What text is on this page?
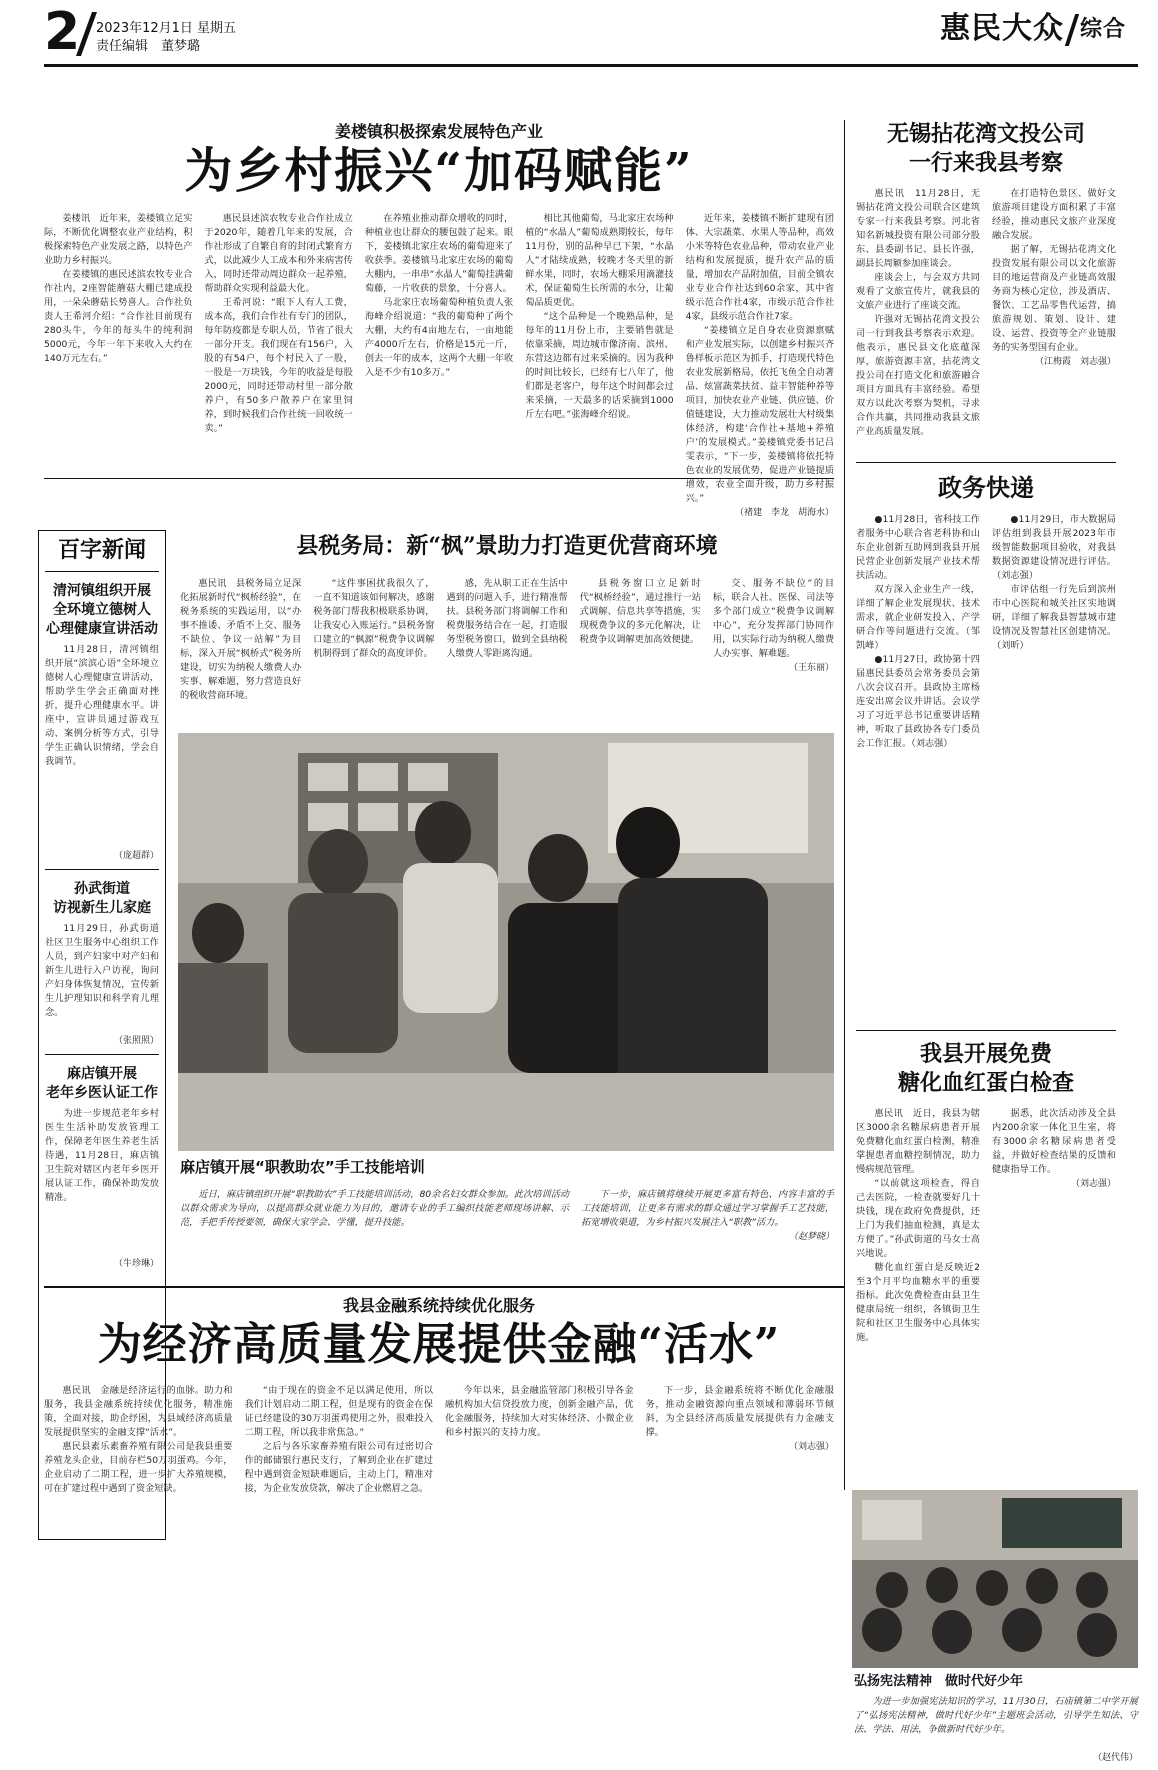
2 2023年12月1日 星期五
责任编辑　董梦璐
惠民大众 综合
姜楼镇积极探索发展特色产业
为乡村振兴“加码赋能”

姜楼讯　近年来，姜楼镇立足实际，不断优化调整农业产业结构，积极探索特色产业发展之路，以特色产业助力乡村振兴。

在姜楼镇的惠民述滨农牧专业合作社内，2座智能蘑菇大棚已建成投用，一朵朵蘑菇长势喜人。合作社负责人王希河介绍：“合作社目前现有280头牛，今年的每头牛的纯利润5000元，今年一年下来收入大约在140万元左右。”

惠民县述滨农牧专业合作社成立于2020年，随着几年来的发展，合作社形成了自繁自育的封闭式繁育方式，以此减少人工成本和外来病害传入，同时还带动周边群众一起养殖，帮助群众实现利益最大化。

王希河说：“眼下人有人工费，成本高，我们合作社有专门的团队，每年防疫都是专职人员，节省了很大一部分开支。我们现在有156户，入股的有54户，每个村民入了一股，一股是一万块钱，今年的收益是每股2000元，同时还带动村里一部分散养户，有50多户散养户在家里饲养，到时候我们合作社统一回收统一卖。”

在养殖业推动群众增收的同时，种植业也让群众的腰包鼓了起来。眼下，姜楼镇北家庄农场的葡萄迎来了收获季。姜楼镇马北家庄农场的葡萄大棚内，一串串“水晶人”葡萄挂满葡萄藤，一片收获的景象，十分喜人。

马北家庄农场葡萄种植负责人张海峰介绍说道：“我的葡萄种了两个大棚，大约有4亩地左右，一亩地能产4000斤左右，价格是15元一斤，创去一年的成本，这两个大棚一年收入是不少有10多万。”

相比其他葡萄，马北家庄农场种植的“水晶人”葡萄成熟期较长，每年11月份，别的品种早已下架，“水晶人”才陆续成熟，较晚才冬天里的新鲜水果，同时，农场大棚采用滴灌技术，保证葡萄生长所需的水分，让葡萄品质更优。

“这个品种是一个晚熟品种，是每年的11月份上市，主要销售就是依靠采摘，周边城市像济南、滨州、东营这边都有过来采摘的。因为我种的时间比较长，已经有七八年了，他们都是老客户，每年这个时间都会过来采摘，一天最多的话采摘到1000斤左右吧。”张海峰介绍说。

近年来，姜楼镇不断扩建现有团体、大宗蔬菜、水果人等品种，高效小米等特色农业品种，带动农业产业结构和发展提质，提升农产品的质量，增加农产品附加值，目前全镇农业专业合作社达到60余家，其中省级示范合作社4家，市级示范合作社4家，县级示范合作社7家。

“姜楼镇立足自身农业资源禀赋和产业发展实际，以创建乡村振兴齐鲁样板示范区为抓手，打造现代特色农业发展新格局，依托飞鱼全自动著品、炫富蔬菜扶贫、益丰智能种养等项目，加快农业产业链、供应链、价值链建设，大力推动发展壮大村级集体经济，构建‘合作社+基地+养殖户’的发展模式。”姜楼镇党委书记吕雯表示，“下一步，姜楼镇将依托特色农业的发展优势，促进产业链提质增效，农业全面升级，助力乡村振兴。”

（褚建　李龙　胡海水）

无锡拈花湾文投公司
一行来我县考察

惠民讯　11月28日，无锡拈花湾文投公司联合区建筑专家一行来我县考察。河北省知名新城投资有限公司部分股东、县委副书记、县长许强，副县长周颖参加座谈会。

座谈会上，与会双方共同观看了文旅宣传片，就我县的文旅产业进行了座谈交流。

许强对无锡拈花湾文投公司一行到我县考察表示欢迎。他表示，惠民县文化底蕴深厚，旅游资源丰富，拈花湾文投公司在打造文化和旅游融合项目方面具有丰富经验。希望双方以此次考察为契机，寻求合作共赢，共同推动我县文旅产业高质量发展。

在打造特色景区、做好文旅游项目建设方面积累了丰富经验，推动惠民文旅产业深度融合发展。

据了解，无锡拈花湾文化投资发展有限公司以文化旅游目的地运营商及产业链高效服务商为核心定位，涉及酒店、餐饮、工艺品零售代运营，搞旅游规划、策划、设计、建设、运营、投资等全产业链服务的实务型国有企业。

（江梅霞　刘志强）

政务快递

●11月28日，省科技工作者服务中心联合省老科协和山东企业创新互助网到我县开展民营企业创新发展产业技术帮扶活动。

双方深入企业生产一线，详细了解企业发展现状、技术需求，就企业研发投入、产学研合作等问题进行交流。（邹凯峰）

●11月27日，政协第十四届惠民县委员会常务委员会第八次会议召开。县政协主席杨连安出席会议并讲话。会议学习了习近平总书记重要讲话精神，听取了县政协各专门委员会工作汇报。（刘志强）

●11月29日，市大数据局评估组到我县开展2023年市级智能数据项目验收，对我县数据资源建设情况进行评估。（刘志强）

市评估组一行先后到滨州市中心医院和城关社区实地调研，详细了解我县智慧城市建设情况及智慧社区创建情况。（刘昕）

我县开展免费
糖化血红蛋白检查

惠民讯　近日，我县为辖区3000余名糖尿病患者开展免费糖化血红蛋白检测，精准掌握患者血糖控制情况，助力慢病规范管理。

“以前就这项检查，得自己去医院，一检查就要好几十块钱，现在政府免费提供，还上门为我们抽血检测，真是太方便了。”孙武街道的马女士高兴地说。

糖化血红蛋白是反映近2至3个月平均血糖水平的重要指标。此次免费检查由县卫生健康局统一组织，各镇街卫生院和社区卫生服务中心具体实施。

据悉，此次活动涉及全县内200余家一体化卫生室，将有3000余名糖尿病患者受益，并做好检查结果的反馈和健康指导工作。

（刘志强）

百字新闻
清河镇组织开展
全环境立德树人
心理健康宣讲活动

11月28日，清河镇组织开展“滨滨心语”全环境立德树人心理健康宣讲活动，帮助学生学会正确面对挫折，提升心理健康水平。讲座中，宣讲员通过游戏互动、案例分析等方式，引导学生正确认识情绪，学会自我调节。

（庞超群）

孙武街道
访视新生儿家庭

11月29日，孙武街道社区卫生服务中心组织工作人员，到产妇家中对产妇和新生儿进行入户访视，询问产妇身体恢复情况，宣传新生儿护理知识和科学育儿理念。

（张照照）

麻店镇开展
老年乡医认证工作

为进一步规范老年乡村医生生活补助发放管理工作，保障老年医生养老生活待遇，11月28日，麻店镇卫生院对辖区内老年乡医开展认证工作，确保补助发放精准。

（牛珍琳）

县税务局：新“枫”景助力打造更优营商环境

惠民讯　县税务局立足深化拓展新时代“枫桥经验”，在税务系统的实践运用，以“办事不推诿、矛盾不上交、服务不缺位、争议一站解”为目标，深入开展“枫桥式”税务所建设，切实为纳税人缴费人办实事、解难题，努力营造良好的税收营商环境。

“这件事困扰我很久了，一直不知道该如何解决，感谢税务部门帮我积极联系协调，让我安心入账运行。”县税务窗口建立的“枫源”税费争议调解机制得到了群众的高度评价。

感，先从职工正在生活中遇到的问题入手，进行精准帮扶。县税务部门将调解工作和税费服务结合在一起，打造服务型税务窗口，做到全县纳税人缴费人零距离沟通。

县税务窗口立足新时代“枫桥经验”，通过推行一站式调解、信息共享等措施，实现税费争议的多元化解决，让税费争议调解更加高效便捷。

交、服务不缺位”的目标，联合人社、医保、司法等多个部门成立“税费争议调解中心”，充分发挥部门协同作用，以实际行动为纳税人缴费人办实事、解难题。

（王东丽）

麻店镇开展“职教助农”手工技能培训

近日，麻店镇组织开展“职教助农”手工技能培训活动，80余名妇女群众参加。此次培训活动以群众需求为导向，以提高群众就业能力为目的，邀请专业的手工编织技能老师现场讲解、示范，手把手传授要领，确保大家学会、学懂，提升技能。

下一步，麻店镇将继续开展更多富有特色、内容丰富的手工技能培训，让更多有需求的群众通过学习掌握手工艺技能，拓宽增收渠道，为乡村振兴发展注入“职教”活力。

（赵梦晓）

我县金融系统持续优化服务
为经济高质量发展提供金融“活水”

惠民讯　金融是经济运行的血脉。助力和服务，我县金融系统持续优化服务，精准施策，全面对接，助企纾困，为县域经济高质量发展提供坚实的金融支撑“活水”。

惠民县素乐素畜养殖有限公司是我县重要养殖龙头企业，目前存栏50万羽蛋鸡。今年，企业启动了二期工程，进一步扩大养殖规模，可在扩建过程中遇到了资金短缺。

“由于现在的资金不足以满足使用，所以我们计划启动二期工程，但是现有的资金在保证已经建设的30万羽蛋鸡使用之外，很难投入二期工程，所以我非常焦急。”

之后与各乐家畜养殖有限公司有过密切合作的邮储银行惠民支行，了解到企业在扩建过程中遇到资金短缺难题后，主动上门，精准对接，为企业发放贷款，解决了企业燃眉之急。

今年以来，县金融监管部门积极引导各金融机构加大信贷投放力度，创新金融产品，优化金融服务，持续加大对实体经济、小微企业和乡村振兴的支持力度。

下一步，县金融系统将不断优化金融服务，推动金融资源向重点领域和薄弱环节倾斜，为全县经济高质量发展提供有力金融支撑。

（刘志强）

弘扬宪法精神　做时代好少年

为进一步加强宪法知识的学习，11月30日，石庙镇第二中学开展了“弘扬宪法精神，做时代好少年”主题班会活动，引导学生知法、守法、学法、用法，争做新时代好少年。

（赵代伟）
